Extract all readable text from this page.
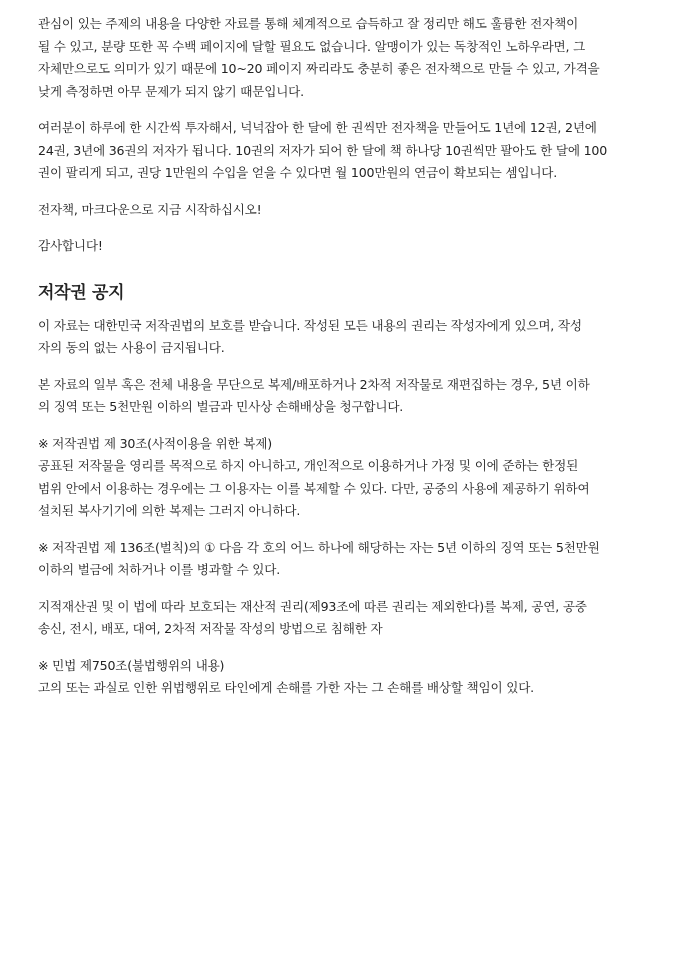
관심이 있는 주제의 내용을 다양한 자료를 통해 체계적으로 습득하고 잘 정리만 해도 훌륭한 전자책이
될 수 있고, 분량 또한 꼭 수백 페이지에 달할 필요도 없습니다. 알맹이가 있는 독창적인 노하우라면, 그
자체만으로도 의미가 있기 때문에 10~20 페이지 짜리라도 충분히 좋은 전자책으로 만들 수 있고, 가격을
낮게 측정하면 아무 문제가 되지 않기 때문입니다.

여러분이 하루에 한 시간씩 투자해서, 넉넉잡아 한 달에 한 권씩만 전자책을 만들어도 1년에 12권, 2년에
24권, 3년에 36권의 저자가 됩니다. 10권의 저자가 되어 한 달에 책 하나당 10권씩만 팔아도 한 달에 100
권이 팔리게 되고, 권당 1만원의 수입을 얻을 수 있다면 월 100만원의 연금이 확보되는 셈입니다.

전자책, 마크다운으로 지금 시작하십시오!

감사합니다!

저작권 공지

이 자료는 대한민국 저작권법의 보호를 받습니다. 작성된 모든 내용의 권리는 작성자에게 있으며, 작성
자의 동의 없는 사용이 금지됩니다.

본 자료의 일부 혹은 전체 내용을 무단으로 복제/배포하거나 2차적 저작물로 재편집하는 경우, 5년 이하
의 징역 또는 5천만원 이하의 벌금과 민사상 손해배상을 청구합니다.

※ 저작권법 제 30조(사적이용을 위한 복제)
공표된 저작물을 영리를 목적으로 하지 아니하고, 개인적으로 이용하거나 가정 및 이에 준하는 한정된
범위 안에서 이용하는 경우에는 그 이용자는 이를 복제할 수 있다. 다만, 공중의 사용에 제공하기 위하여
설치된 복사기기에 의한 복제는 그러지 아니하다.
※ 저작권법 제 136조(벌칙)의 ① 다음 각 호의 어느 하나에 해당하는 자는 5년 이하의 징역 또는 5천만원
이하의 벌금에 처하거나 이를 병과할 수 있다.
지적재산권 및 이 법에 따라 보호되는 재산적 권리(제93조에 따른 권리는 제외한다)를 복제, 공연, 공중
송신, 전시, 배포, 대여, 2차적 저작물 작성의 방법으로 침해한 자
※ 민법 제750조(불법행위의 내용)
고의 또는 과실로 인한 위법행위로 타인에게 손해를 가한 자는 그 손해를 배상할 책임이 있다.
